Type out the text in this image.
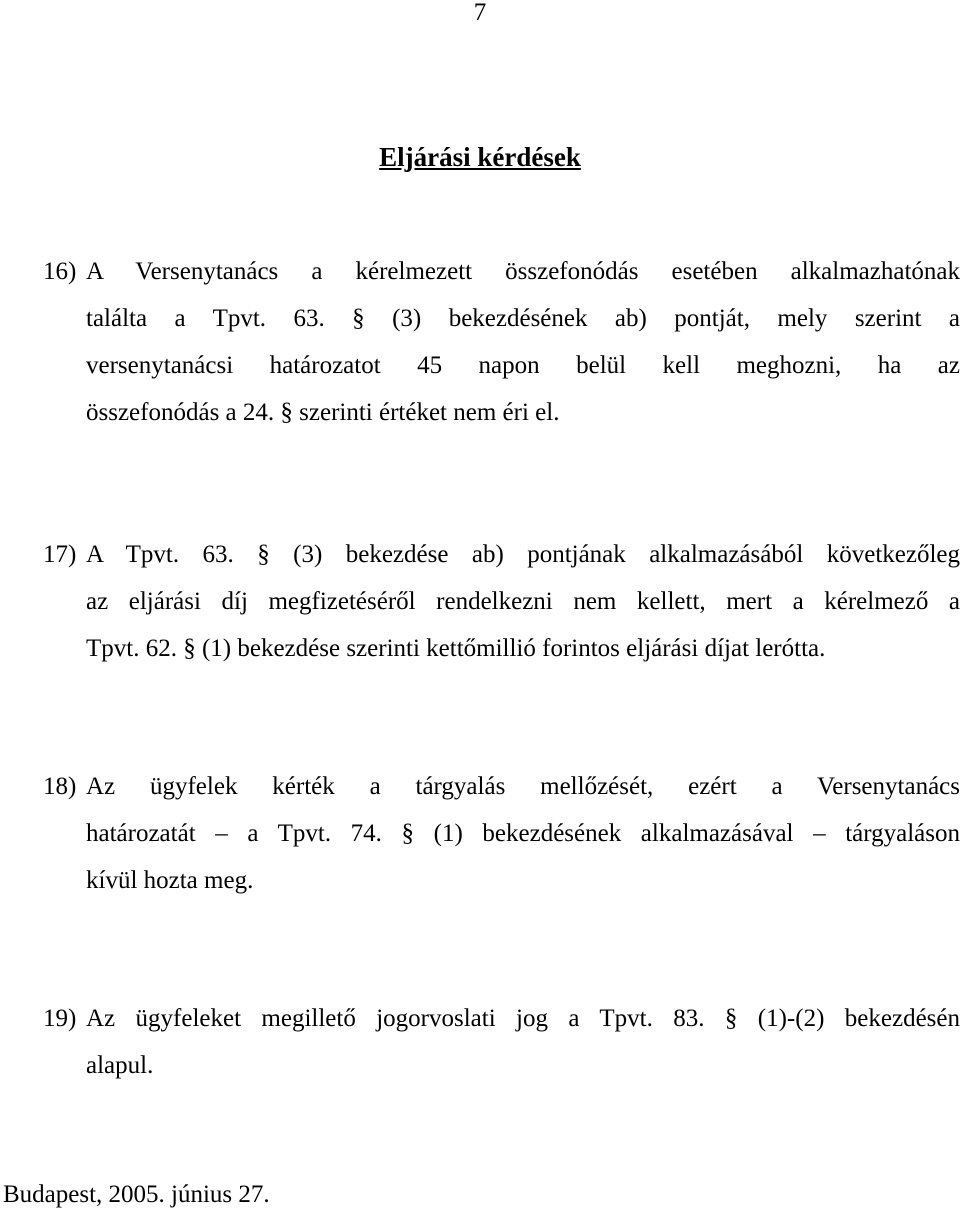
7
Eljárási kérdések
16) A Versenytanács a kérelmezett összefonódás esetében alkalmazhatónak
találta a Tpvt. 63. § (3) bekezdésének ab) pontját, mely szerint a
versenytanácsi határozatot 45 napon belül kell meghozni, ha az
összefonódás a 24. § szerinti értéket nem éri el.
17) A Tpvt. 63. § (3) bekezdése ab) pontjának alkalmazásából következőleg
az eljárási díj megfizetéséről rendelkezni nem kellett, mert a kérelmező a
Tpvt. 62. § (1) bekezdése szerinti kettőmillió forintos eljárási díjat lerótta.
18) Az ügyfelek kérték a tárgyalás mellőzését, ezért a Versenytanács
határozatát – a Tpvt. 74. § (1) bekezdésének alkalmazásával – tárgyaláson
kívül hozta meg.
19) Az ügyfeleket megillető jogorvoslati jog a Tpvt. 83. § (1)-(2) bekezdésén
alapul.
Budapest, 2005. június 27.
